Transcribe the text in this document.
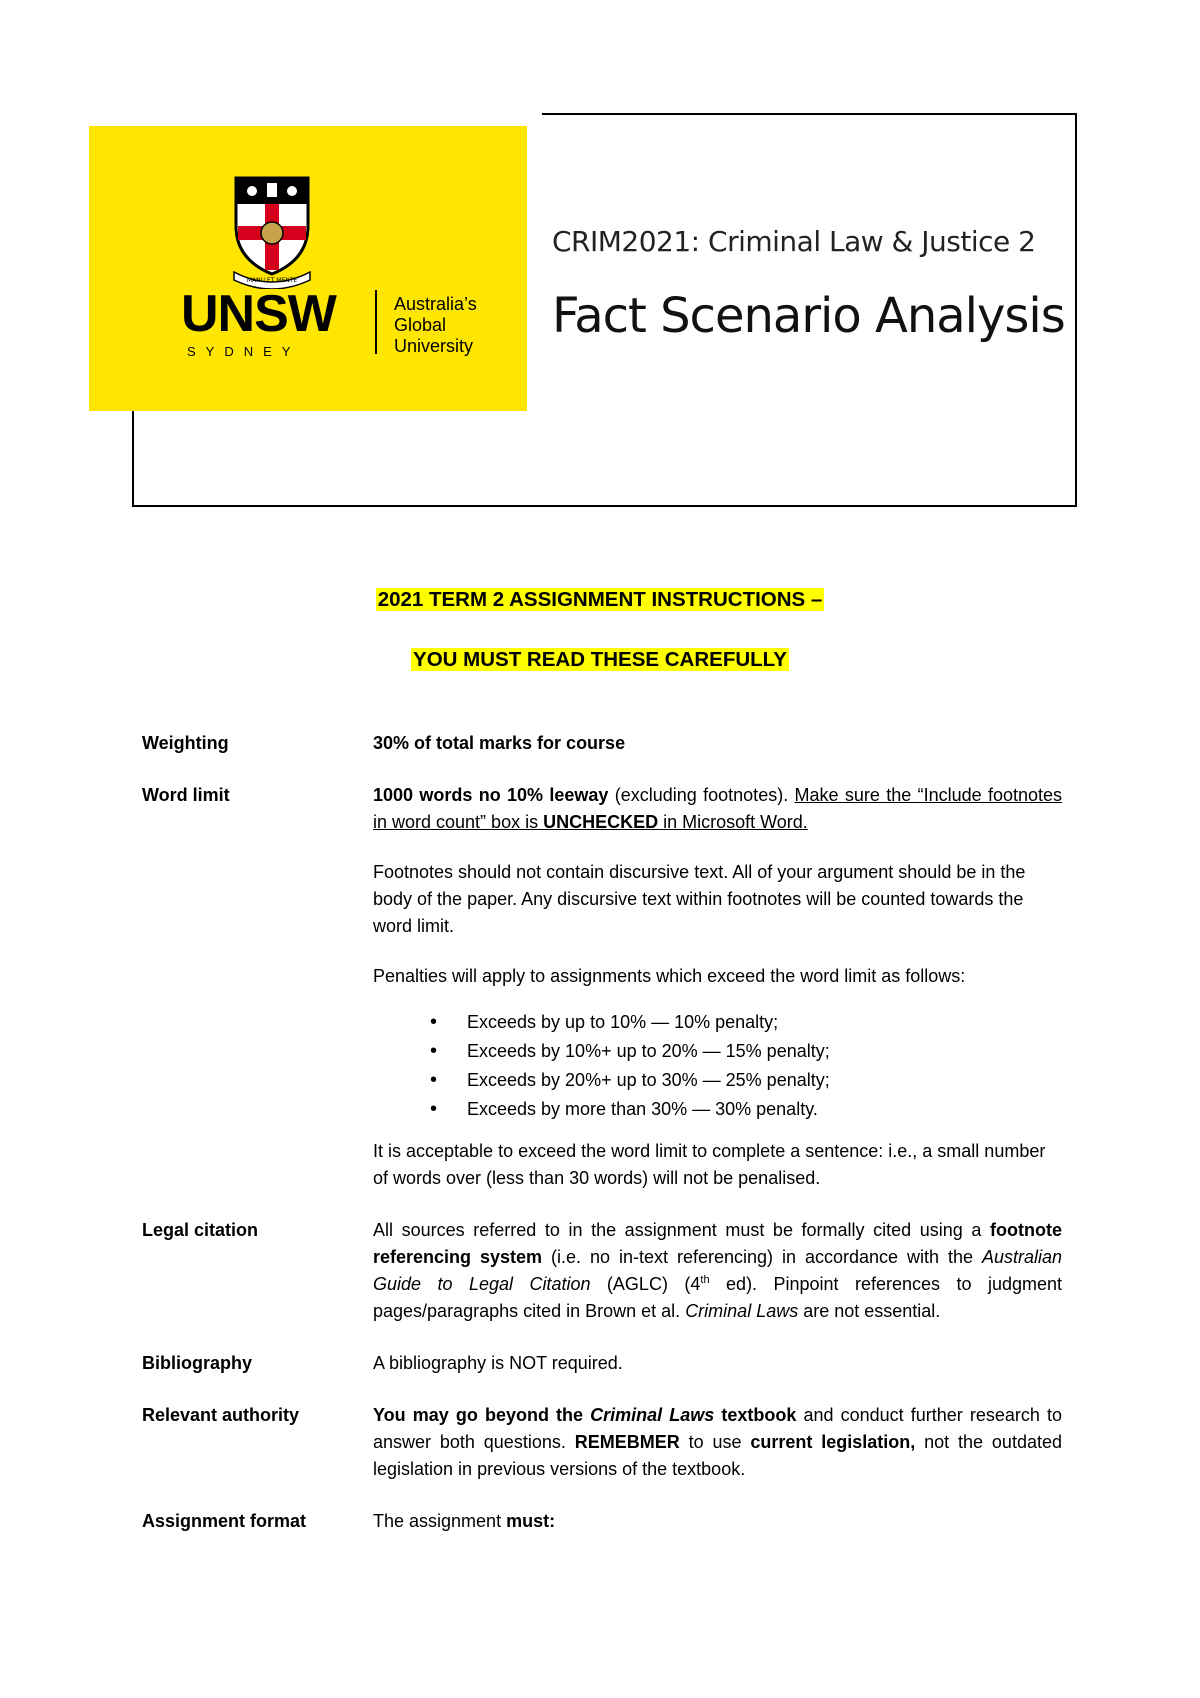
MANU ET MENTE
UNSW
SYDNEY
Australia’s
Global
University
CRIM2021: Criminal Law & Justice 2
Fact Scenario Analysis
2021 TERM 2 ASSIGNMENT INSTRUCTIONS –
YOU MUST READ THESE CAREFULLY
Weighting	30% of total marks for course
Word limit	1000 words no 10% leeway (excluding footnotes). Make sure the “Include footnotes in word count” box is UNCHECKED in Microsoft Word.

Footnotes should not contain discursive text. All of your argument should be in the body of the paper. Any discursive text within footnotes will be counted towards the word limit.

Penalties will apply to assignments which exceed the word limit as follows:

• Exceeds by up to 10% — 10% penalty;
• Exceeds by 10%+ up to 20% — 15% penalty;
• Exceeds by 20%+ up to 30% — 25% penalty;
• Exceeds by more than 30% — 30% penalty.

It is acceptable to exceed the word limit to complete a sentence: i.e., a small number of words over (less than 30 words) will not be penalised.

Legal citation	All sources referred to in the assignment must be formally cited using a footnote referencing system (i.e. no in-text referencing) in accordance with the Australian Guide to Legal Citation (AGLC) (4th ed). Pinpoint references to judgment pages/paragraphs cited in Brown et al. Criminal Laws are not essential.
Bibliography	A bibliography is NOT required.
Relevant authority	You may go beyond the Criminal Laws textbook and conduct further research to answer both questions. REMEBMER to use current legislation, not the outdated legislation in previous versions of the textbook.
Assignment format	The assignment must:
